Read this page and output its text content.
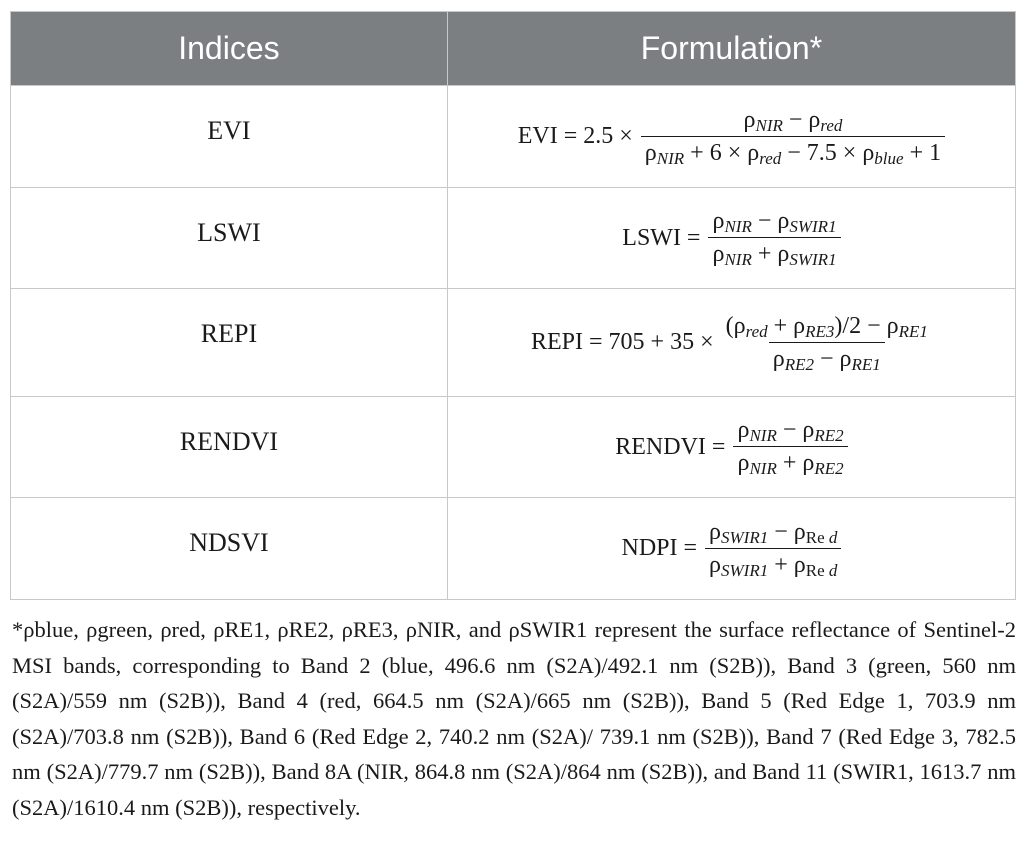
Indices	Formulation*
EVI	EVI = $2.5 \times \frac{\rho_{NIR} - \rho_{red}}{\rho_{NIR} + 6 \times \rho_{red} - 7.5 \times \rho_{blue} + 1}$

LSWI	LSWI = $\frac{\rho_{NIR} - \rho_{SWIR1}}{\rho_{NIR} + \rho_{SWIR1}}$

REPI	REPI = $705 + 35 \times \frac{(\rho_{red} + \rho_{RE3})/2 - \rho_{RE1}}{\rho_{RE2} - \rho_{RE1}}$

RENDVI	RENDVI = $\frac{\rho_{NIR} - \rho_{RE2}}{\rho_{NIR} + \rho_{RE2}}$

NDSVI	NDPI = $\frac{\rho_{SWIR1} - \rho_{Re d}}{\rho_{SWIR1} + \rho_{Re d}}$
*ρblue, ρgreen, ρred, ρRE1, ρRE2, ρRE3, ρNIR, and ρSWIR1 represent the surface reflectance of Sentinel-2 MSI bands, corresponding to Band 2 (blue, 496.6 nm (S2A)/492.1 nm (S2B)), Band 3 (green, 560 nm (S2A)/559 nm (S2B)), Band 4 (red, 664.5 nm (S2A)/665 nm (S2B)), Band 5 (Red Edge 1, 703.9 nm (S2A)/703.8 nm (S2B)), Band 6 (Red Edge 2, 740.2 nm (S2A)/ 739.1 nm (S2B)), Band 7 (Red Edge 3, 782.5 nm (S2A)/779.7 nm (S2B)), Band 8A (NIR, 864.8 nm (S2A)/864 nm (S2B)), and Band 11 (SWIR1, 1613.7 nm (S2A)/1610.4 nm (S2B)), respectively.
